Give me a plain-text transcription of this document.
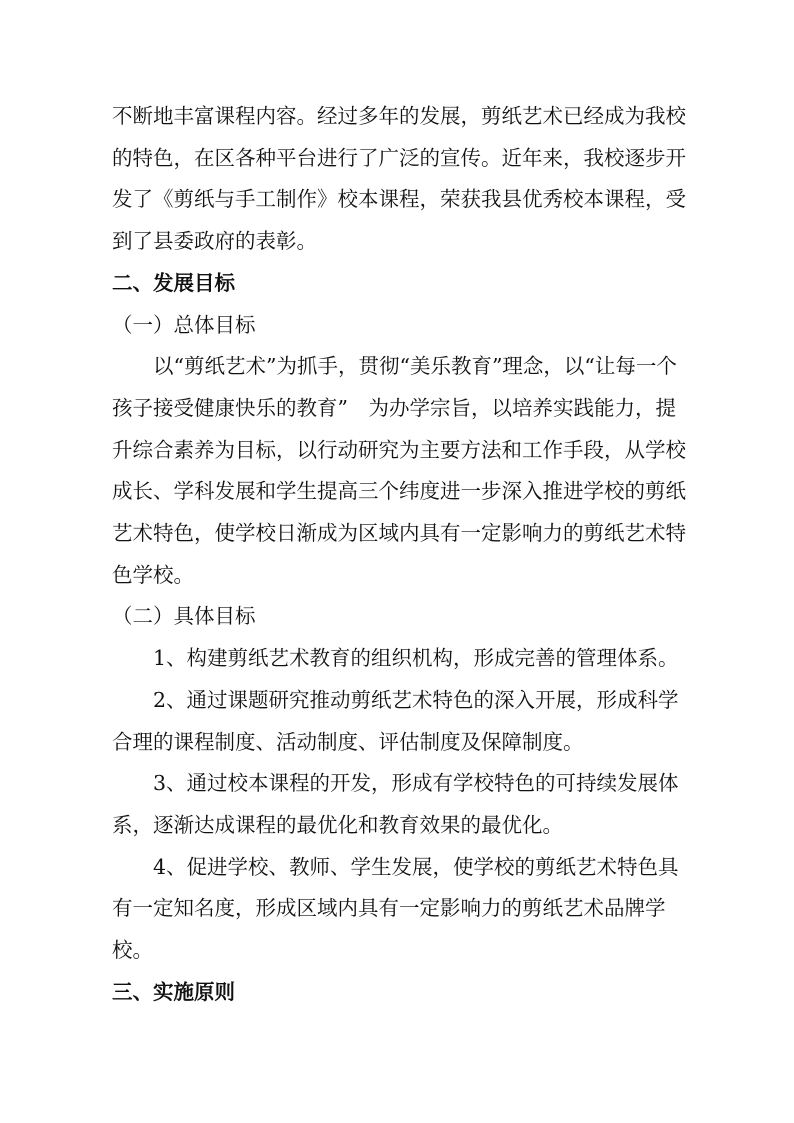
不断地丰富课程内容。经过多年的发展，剪纸艺术已经成为我校的特色，在区各种平台进行了广泛的宣传。近年来，我校逐步开发了《剪纸与手工制作》校本课程，荣获我县优秀校本课程，受到了县委政府的表彰。

二、发展目标

（一）总体目标

以“剪纸艺术”为抓手，贯彻“美乐教育”理念，以“让每一个孩子接受健康快乐的教育”　为办学宗旨，以培养实践能力，提升综合素养为目标，以行动研究为主要方法和工作手段，从学校成长、学科发展和学生提高三个纬度进一步深入推进学校的剪纸艺术特色，使学校日渐成为区域内具有一定影响力的剪纸艺术特色学校。

（二）具体目标

1、构建剪纸艺术教育的组织机构，形成完善的管理体系。

2、通过课题研究推动剪纸艺术特色的深入开展，形成科学合理的课程制度、活动制度、评估制度及保障制度。

3、通过校本课程的开发，形成有学校特色的可持续发展体系，逐渐达成课程的最优化和教育效果的最优化。

4、促进学校、教师、学生发展，使学校的剪纸艺术特色具有一定知名度，形成区域内具有一定影响力的剪纸艺术品牌学校。

三、实施原则
